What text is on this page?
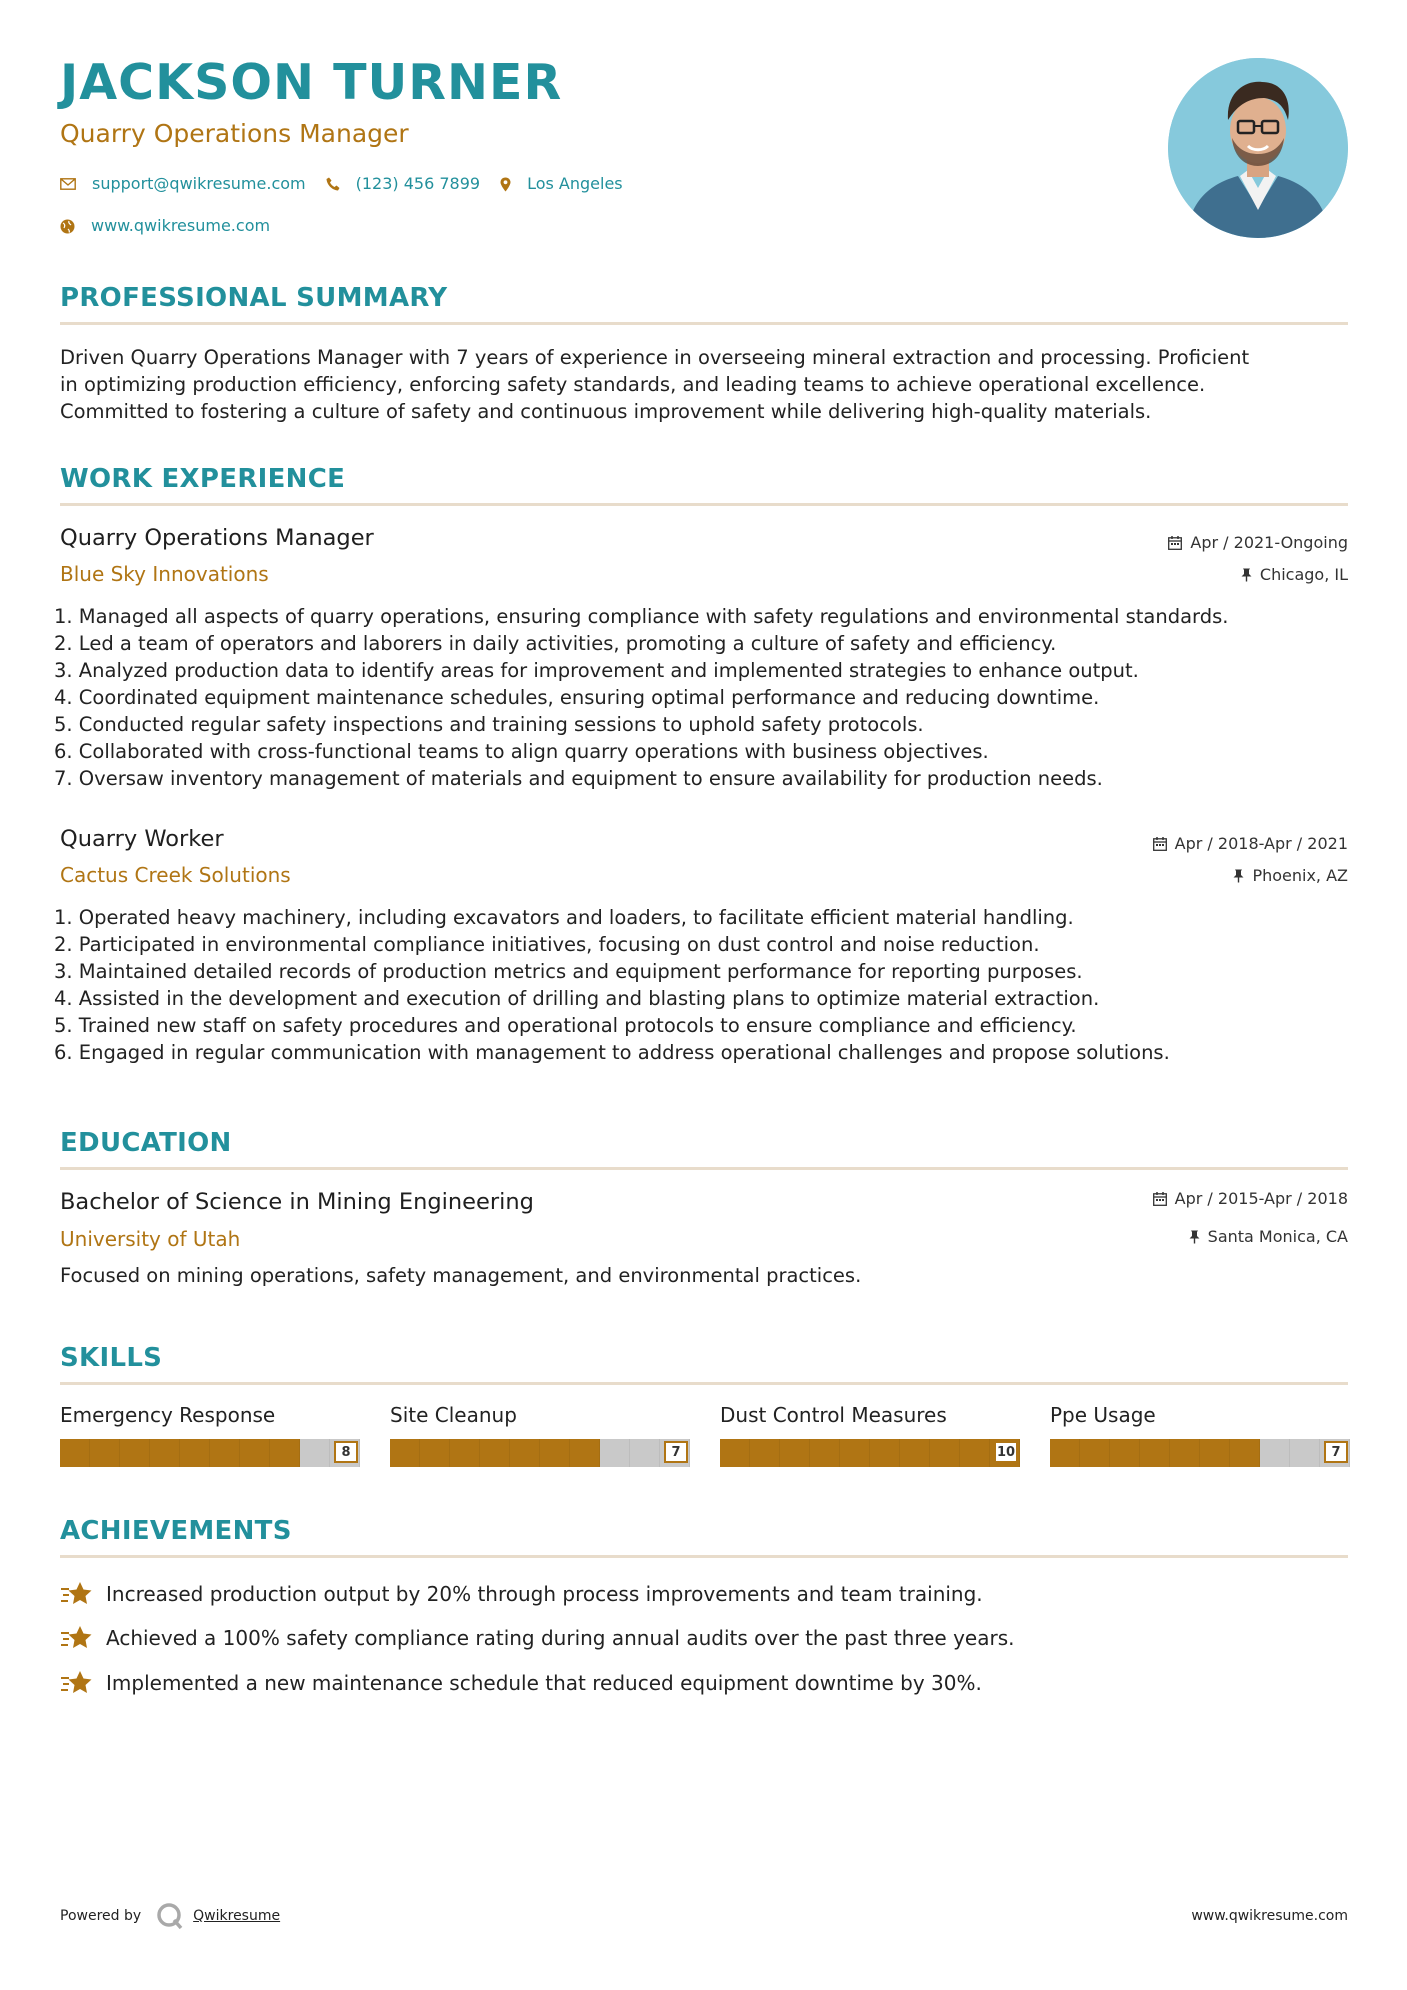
JACKSON TURNER
Quarry Operations Manager
support@qwikresume.com	(123) 456 7899	Los Angeles
www.qwikresume.com
PROFESSIONAL SUMMARY
Driven Quarry Operations Manager with 7 years of experience in overseeing mineral extraction and processing. Proficient
in optimizing production efficiency, enforcing safety standards, and leading teams to achieve operational excellence.
Committed to fostering a culture of safety and continuous improvement while delivering high-quality materials.
WORK EXPERIENCE
Quarry Operations Manager	Apr / 2021-Ongoing
Blue Sky Innovations	Chicago, IL
1. Managed all aspects of quarry operations, ensuring compliance with safety regulations and environmental standards.
2. Led a team of operators and laborers in daily activities, promoting a culture of safety and efficiency.
3. Analyzed production data to identify areas for improvement and implemented strategies to enhance output.
4. Coordinated equipment maintenance schedules, ensuring optimal performance and reducing downtime.
5. Conducted regular safety inspections and training sessions to uphold safety protocols.
6. Collaborated with cross-functional teams to align quarry operations with business objectives.
7. Oversaw inventory management of materials and equipment to ensure availability for production needs.
Quarry Worker	Apr / 2018-Apr / 2021
Cactus Creek Solutions	Phoenix, AZ
1. Operated heavy machinery, including excavators and loaders, to facilitate efficient material handling.
2. Participated in environmental compliance initiatives, focusing on dust control and noise reduction.
3. Maintained detailed records of production metrics and equipment performance for reporting purposes.
4. Assisted in the development and execution of drilling and blasting plans to optimize material extraction.
5. Trained new staff on safety procedures and operational protocols to ensure compliance and efficiency.
6. Engaged in regular communication with management to address operational challenges and propose solutions.
EDUCATION
Bachelor of Science in Mining Engineering	Apr / 2015-Apr / 2018
University of Utah	Santa Monica, CA
Focused on mining operations, safety management, and environmental practices.
SKILLS
Emergency Response
8
Site Cleanup
7
Dust Control Measures
10
Ppe Usage
7
ACHIEVEMENTS
Increased production output by 20% through process improvements and team training.
Achieved a 100% safety compliance rating during annual audits over the past three years.
Implemented a new maintenance schedule that reduced equipment downtime by 30%.
Powered by	Qwikresume	www.qwikresume.com
